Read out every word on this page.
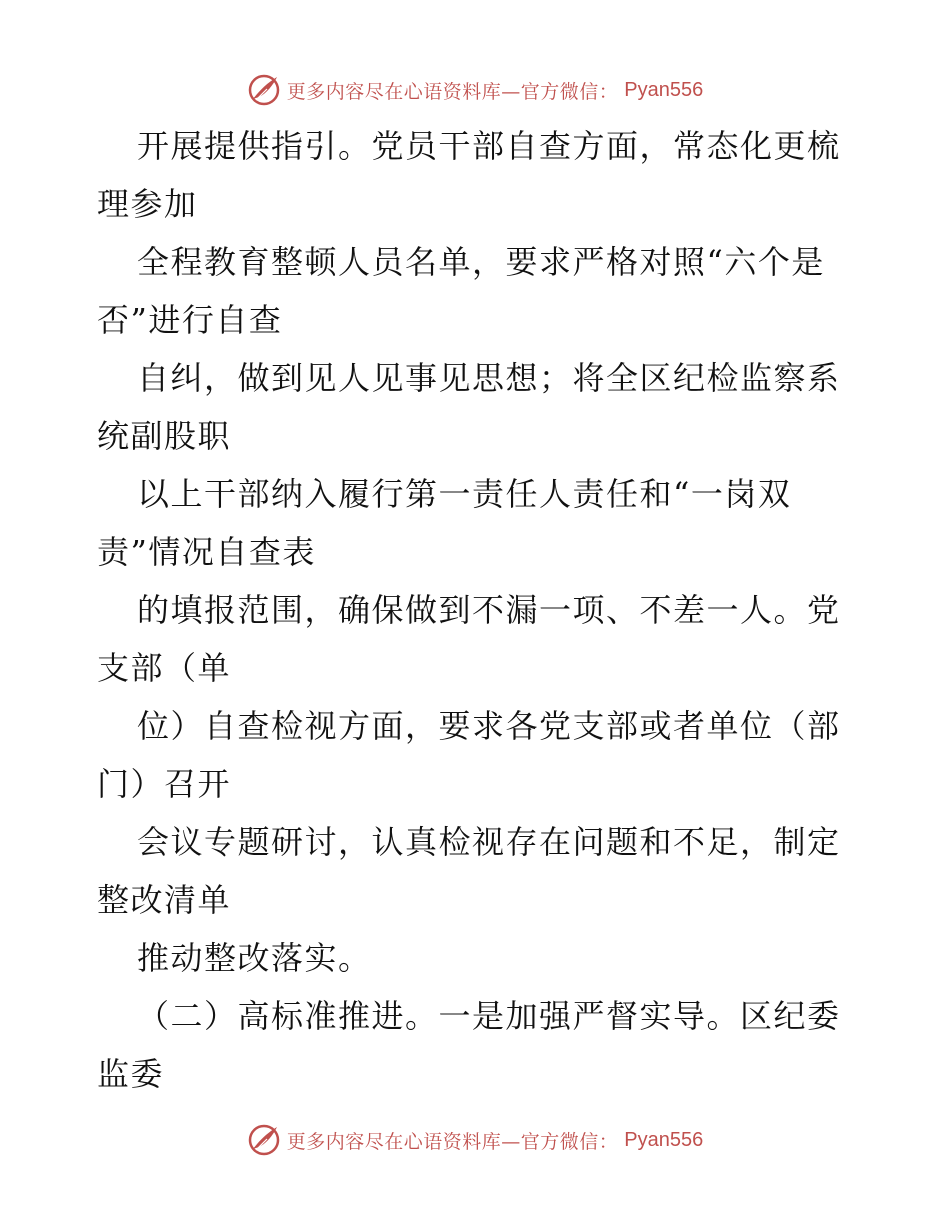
更多内容尽在心语资料库—官方微信： Pyan556
开展提供指引。党员干部自查方面，常态化更梳
理参加
全程教育整顿人员名单，要求严格对照“六个是
否”进行自查
自纠，做到见人见事见思想；将全区纪检监察系
统副股职
以上干部纳入履行第一责任人责任和“一岗双
责”情况自查表
的填报范围，确保做到不漏一项、不差一人。党
支部（单
位）自查检视方面，要求各党支部或者单位（部
门）召开
会议专题研讨，认真检视存在问题和不足，制定
整改清单
推动整改落实。
（二）高标准推进。一是加强严督实导。区纪委
监委
更多内容尽在心语资料库—官方微信： Pyan556
